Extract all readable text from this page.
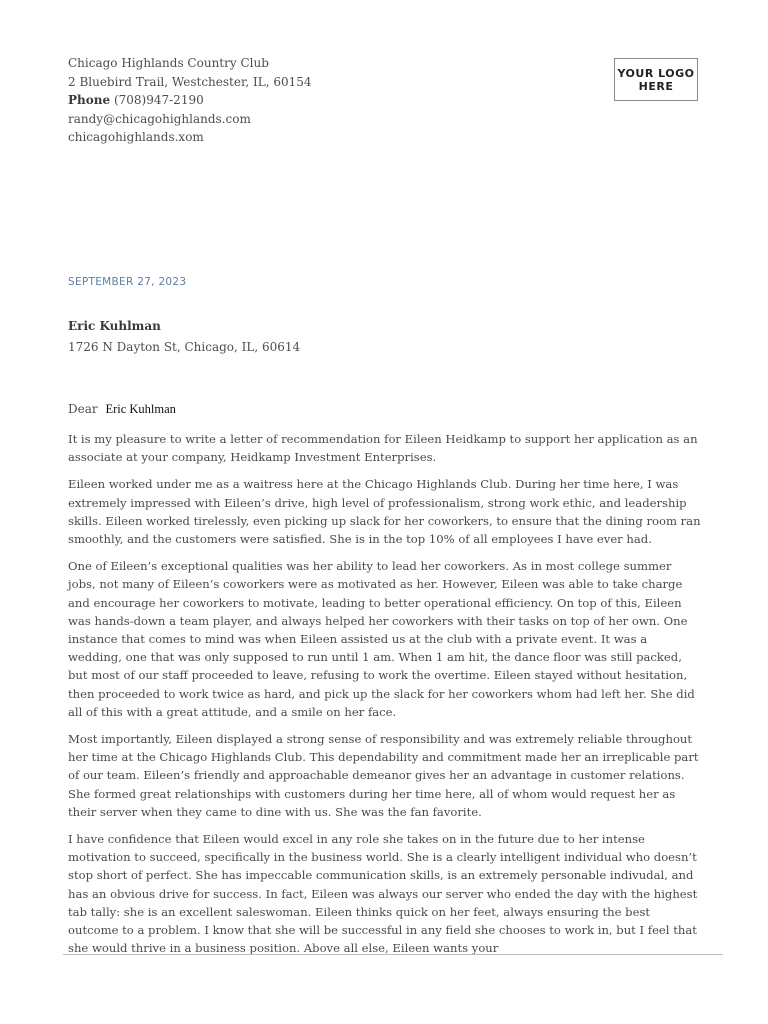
Chicago Highlands Country Club
2 Bluebird Trail, Westchester, IL, 60154
Phone (708)947-2190
randy@chicagohighlands.com
chicagohighlands.xom
YOUR LOGO
HERE
SEPTEMBER 27, 2023
Eric Kuhlman
1726 N Dayton St, Chicago, IL, 60614
Dear Eric Kuhlman

It is my pleasure to write a letter of recommendation for Eileen Heidkamp to support her application as an associate at your company, Heidkamp Investment Enterprises.

Eileen worked under me as a waitress here at the Chicago Highlands Club. During her time here, I was extremely impressed with Eileen’s drive, high level of professionalism, strong work ethic, and leadership skills. Eileen worked tirelessly, even picking up slack for her coworkers, to ensure that the dining room ran smoothly, and the customers were satisfied. She is in the top 10% of all employees I have ever had.

One of Eileen’s exceptional qualities was her ability to lead her coworkers. As in most college summer jobs, not many of Eileen’s coworkers were as motivated as her. However, Eileen was able to take charge and encourage her coworkers to motivate, leading to better operational efficiency. On top of this, Eileen was hands-down a team player, and always helped her coworkers with their tasks on top of her own. One instance that comes to mind was when Eileen assisted us at the club with a private event. It was a wedding, one that was only supposed to run until 1 am. When 1 am hit, the dance floor was still packed, but most of our staff proceeded to leave, refusing to work the overtime. Eileen stayed without hesitation, then proceeded to work twice as hard, and pick up the slack for her coworkers whom had left her. She did all of this with a great attitude, and a smile on her face.

Most importantly, Eileen displayed a strong sense of responsibility and was extremely reliable throughout her time at the Chicago Highlands Club. This dependability and commitment made her an irreplicable part of our team. Eileen’s friendly and approachable demeanor gives her an advantage in customer relations. She formed great relationships with customers during her time here, all of whom would request her as their server when they came to dine with us. She was the fan favorite.

I have confidence that Eileen would excel in any role she takes on in the future due to her intense motivation to succeed, specifically in the business world. She is a clearly intelligent individual who doesn’t stop short of perfect. She has impeccable communication skills, is an extremely personable indivudal, and has an obvious drive for success. In fact, Eileen was always our server who ended the day with the highest tab tally: she is an excellent saleswoman. Eileen thinks quick on her feet, always ensuring the best outcome to a problem. I know that she will be successful in any field she chooses to work in, but I feel that she would thrive in a business position. Above all else, Eileen wants your
